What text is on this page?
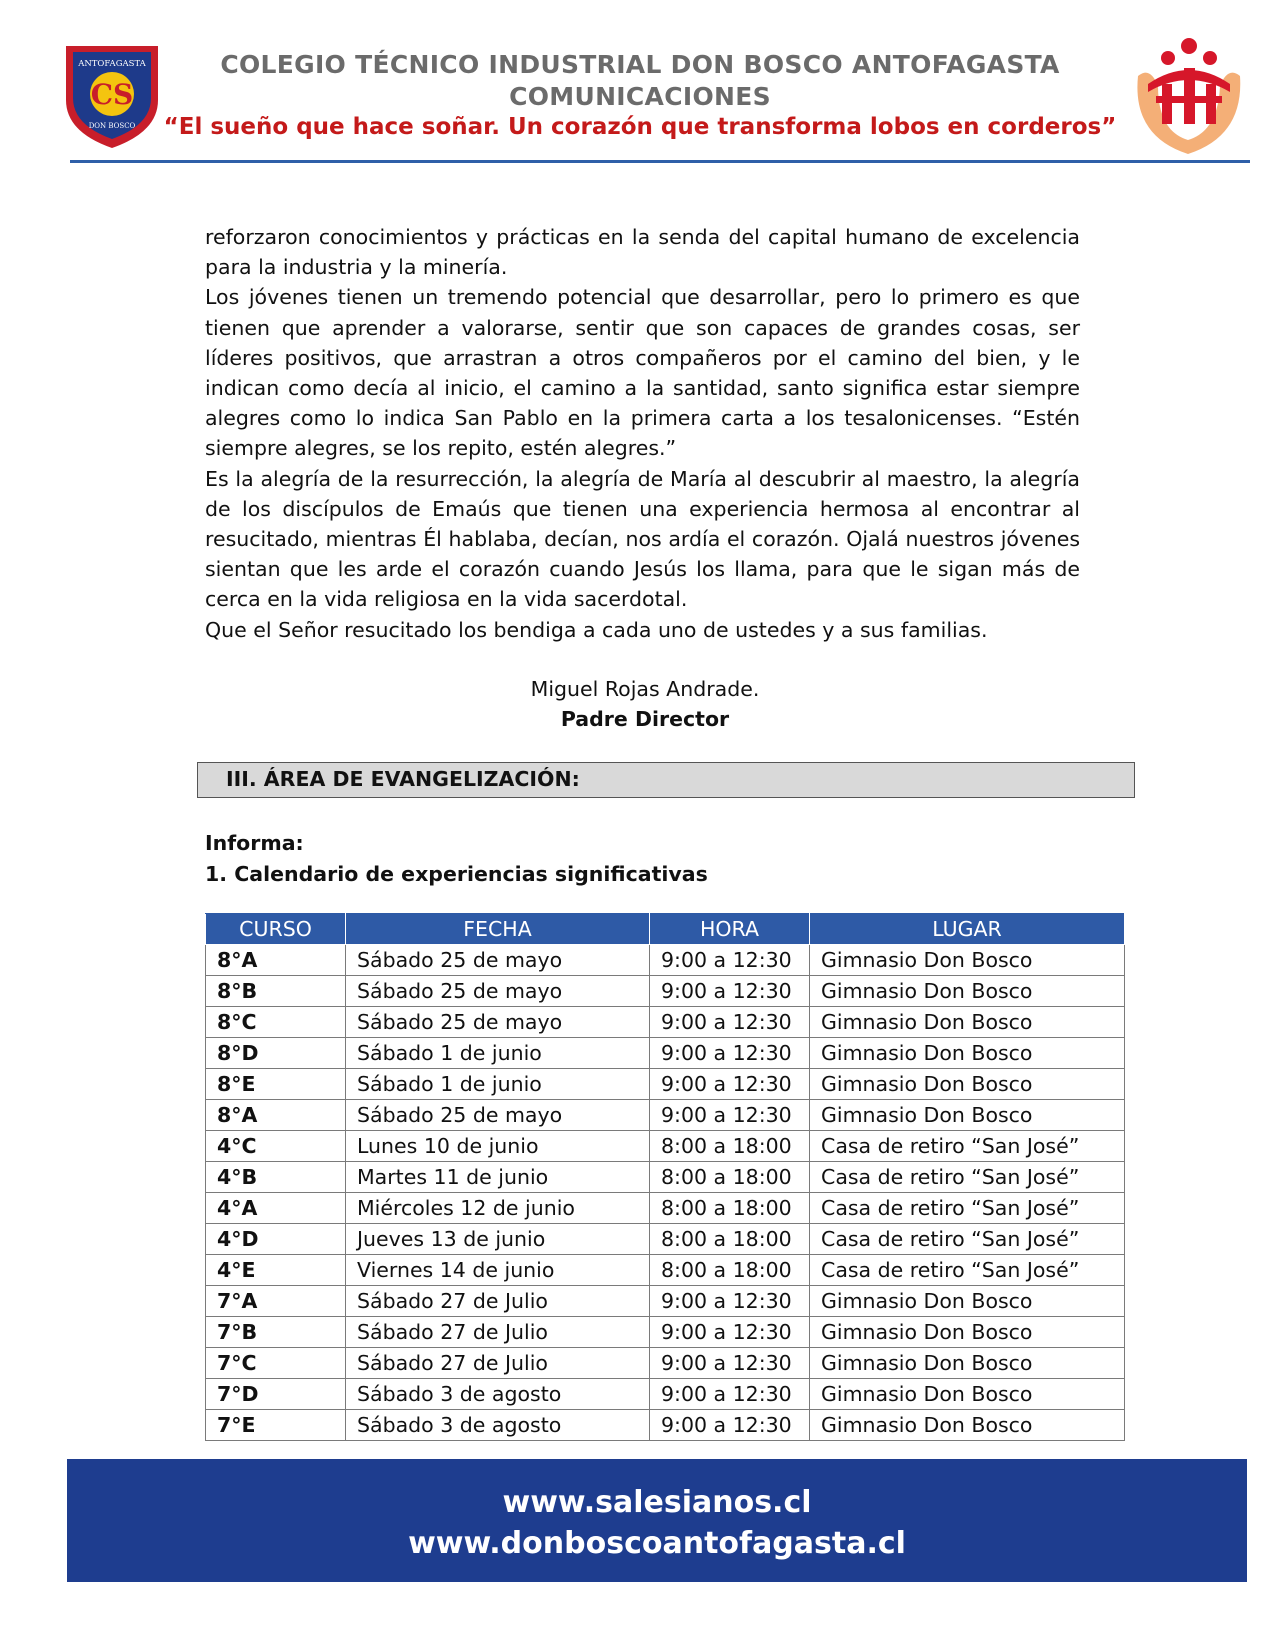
ANTOFAGASTA
CS
DON BOSCO
COLEGIO TÉCNICO INDUSTRIAL DON BOSCO ANTOFAGASTA
COMUNICACIONES
“El sueño que hace soñar. Un corazón que transforma lobos en corderos”

reforzaron conocimientos y prácticas en la senda del capital humano de excelencia para la industria y la minería.

Los jóvenes tienen un tremendo potencial que desarrollar, pero lo primero es que tienen que aprender a valorarse, sentir que son capaces de grandes cosas, ser líderes positivos, que arrastran a otros compañeros por el camino del bien, y le indican como decía al inicio, el camino a la santidad, santo significa estar siempre alegres como lo indica San Pablo en la primera carta a los tesalonicenses. “Estén siempre alegres, se los repito, estén alegres.”

Es la alegría de la resurrección, la alegría de María al descubrir al maestro, la alegría de los discípulos de Emaús que tienen una experiencia hermosa al encontrar al resucitado, mientras Él hablaba, decían, nos ardía el corazón. Ojalá nuestros jóvenes sientan que les arde el corazón cuando Jesús los llama, para que le sigan más de cerca en la vida religiosa en la vida sacerdotal.

Que el Señor resucitado los bendiga a cada uno de ustedes y a sus familias.

Miguel Rojas Andrade.
Padre Director
III. ÁREA DE EVANGELIZACIÓN:
Informa:
1. Calendario de experiencias significativas
CURSO	FECHA	HORA	LUGAR
8°A	Sábado 25 de mayo	9:00 a 12:30	Gimnasio Don Bosco
8°B	Sábado 25 de mayo	9:00 a 12:30	Gimnasio Don Bosco
8°C	Sábado 25 de mayo	9:00 a 12:30	Gimnasio Don Bosco
8°D	Sábado 1 de junio	9:00 a 12:30	Gimnasio Don Bosco
8°E	Sábado 1 de junio	9:00 a 12:30	Gimnasio Don Bosco
8°A	Sábado 25 de mayo	9:00 a 12:30	Gimnasio Don Bosco
4°C	Lunes 10 de junio	8:00 a 18:00	Casa de retiro “San José”
4°B	Martes 11 de junio	8:00 a 18:00	Casa de retiro “San José”
4°A	Miércoles 12 de junio	8:00 a 18:00	Casa de retiro “San José”
4°D	Jueves 13 de junio	8:00 a 18:00	Casa de retiro “San José”
4°E	Viernes 14 de junio	8:00 a 18:00	Casa de retiro “San José”
7°A	Sábado 27 de Julio	9:00 a 12:30	Gimnasio Don Bosco
7°B	Sábado 27 de Julio	9:00 a 12:30	Gimnasio Don Bosco
7°C	Sábado 27 de Julio	9:00 a 12:30	Gimnasio Don Bosco
7°D	Sábado 3 de agosto	9:00 a 12:30	Gimnasio Don Bosco
7°E	Sábado 3 de agosto	9:00 a 12:30	Gimnasio Don Bosco
www.salesianos.cl
www.donboscoantofagasta.cl
